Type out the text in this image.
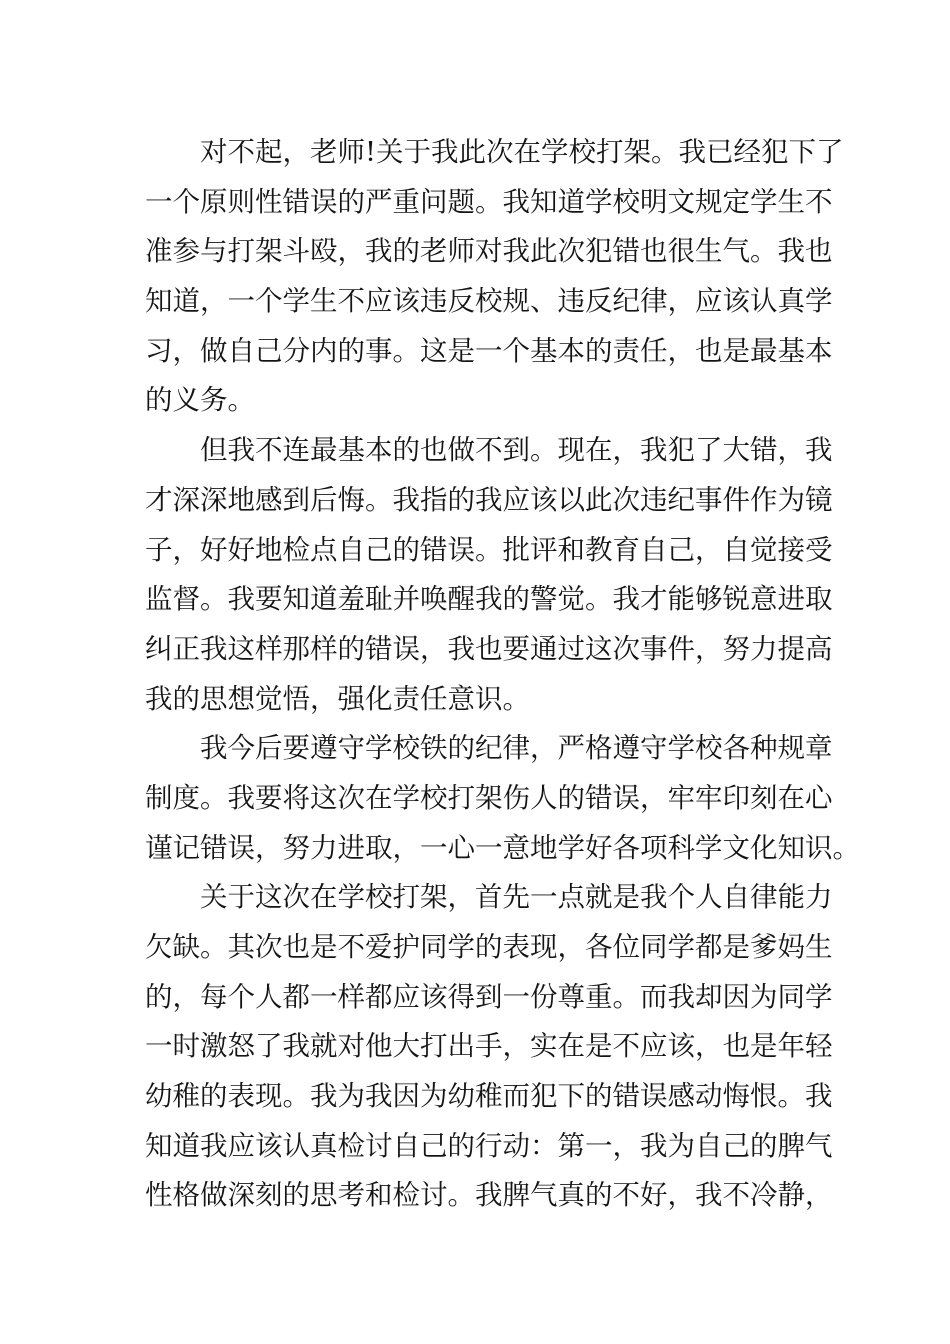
对不起，老师!关于我此次在学校打架。我已经犯下了
一个原则性错误的严重问题。我知道学校明文规定学生不
准参与打架斗殴，我的老师对我此次犯错也很生气。我也
知道，一个学生不应该违反校规、违反纪律，应该认真学
习，做自己分内的事。这是一个基本的责任，也是最基本
的义务。
但我不连最基本的也做不到。现在，我犯了大错，我
才深深地感到后悔。我指的我应该以此次违纪事件作为镜
子，好好地检点自己的错误。批评和教育自己，自觉接受
监督。我要知道羞耻并唤醒我的警觉。我才能够锐意进取
纠正我这样那样的错误，我也要通过这次事件，努力提高
我的思想觉悟，强化责任意识。
我今后要遵守学校铁的纪律，严格遵守学校各种规章
制度。我要将这次在学校打架伤人的错误，牢牢印刻在心
谨记错误，努力进取，一心一意地学好各项科学文化知识。
关于这次在学校打架，首先一点就是我个人自律能力
欠缺。其次也是不爱护同学的表现，各位同学都是爹妈生
的，每个人都一样都应该得到一份尊重。而我却因为同学
一时激怒了我就对他大打出手，实在是不应该，也是年轻
幼稚的表现。我为我因为幼稚而犯下的错误感动悔恨。我
知道我应该认真检讨自己的行动：第一，我为自己的脾气
性格做深刻的思考和检讨。我脾气真的不好，我不冷静，
